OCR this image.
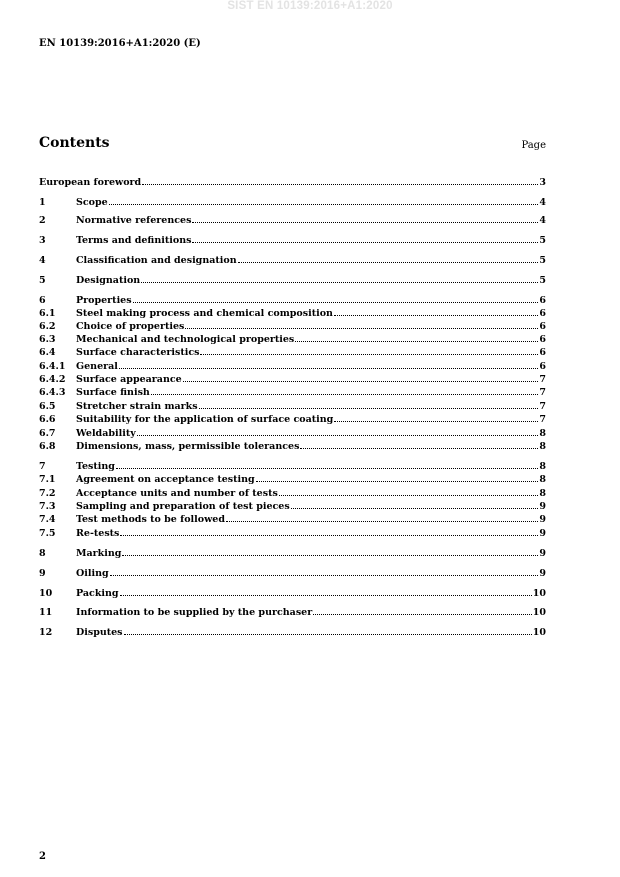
SIST EN 10139:2016+A1:2020
EN 10139:2016+A1:2020 (E)
Contents	Page
European foreword	3
1	Scope	4
2	Normative references	4
3	Terms and definitions	5
4	Classification and designation	5
5	Designation	5
6	Properties	6
6.1	Steel making process and chemical composition	6
6.2	Choice of properties	6
6.3	Mechanical and technological properties	6
6.4	Surface characteristics	6
6.4.1	General	6
6.4.2	Surface appearance	7
6.4.3	Surface finish	7
6.5	Stretcher strain marks	7
6.6	Suitability for the application of surface coating	7
6.7	Weldability	8
6.8	Dimensions, mass, permissible tolerances	8
7	Testing	8
7.1	Agreement on acceptance testing	8
7.2	Acceptance units and number of tests	8
7.3	Sampling and preparation of test pieces	9
7.4	Test methods to be followed	9
7.5	Re-tests	9
8	Marking	9
9	Oiling	9
10	Packing	10
11	Information to be supplied by the purchaser	10
12	Disputes	10
2
